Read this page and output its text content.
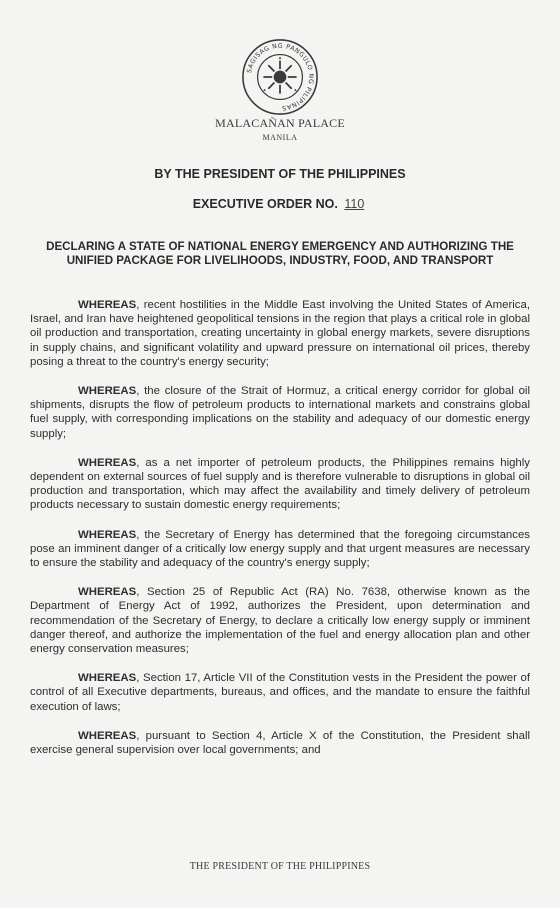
SAGISAG NG PANGULO NG PILIPINAS
MALACAÑAN PALACE
MANILA
BY THE PRESIDENT OF THE PHILIPPINES
EXECUTIVE ORDER NO. 110
DECLARING A STATE OF NATIONAL ENERGY EMERGENCY AND AUTHORIZING THE UNIFIED PACKAGE FOR LIVELIHOODS, INDUSTRY, FOOD, AND TRANSPORT

WHEREAS, recent hostilities in the Middle East involving the United States of America, Israel, and Iran have heightened geopolitical tensions in the region that plays a critical role in global oil production and transportation, creating uncertainty in global energy markets, severe disruptions in supply chains, and significant volatility and upward pressure on international oil prices, thereby posing a threat to the country's energy security;

WHEREAS, the closure of the Strait of Hormuz, a critical energy corridor for global oil shipments, disrupts the flow of petroleum products to international markets and constrains global fuel supply, with corresponding implications on the stability and adequacy of our domestic energy supply;

WHEREAS, as a net importer of petroleum products, the Philippines remains highly dependent on external sources of fuel supply and is therefore vulnerable to disruptions in global oil production and transportation, which may affect the availability and timely delivery of petroleum products necessary to sustain domestic energy requirements;

WHEREAS, the Secretary of Energy has determined that the foregoing circumstances pose an imminent danger of a critically low energy supply and that urgent measures are necessary to ensure the stability and adequacy of the country's energy supply;

WHEREAS, Section 25 of Republic Act (RA) No. 7638, otherwise known as the Department of Energy Act of 1992, authorizes the President, upon determination and recommendation of the Secretary of Energy, to declare a critically low energy supply or imminent danger thereof, and authorize the implementation of the fuel and energy allocation plan and other energy conservation measures;

WHEREAS, Section 17, Article VII of the Constitution vests in the President the power of control of all Executive departments, bureaus, and offices, and the mandate to ensure the faithful execution of laws;

WHEREAS, pursuant to Section 4, Article X of the Constitution, the President shall exercise general supervision over local governments; and

THE PRESIDENT OF THE PHILIPPINES
